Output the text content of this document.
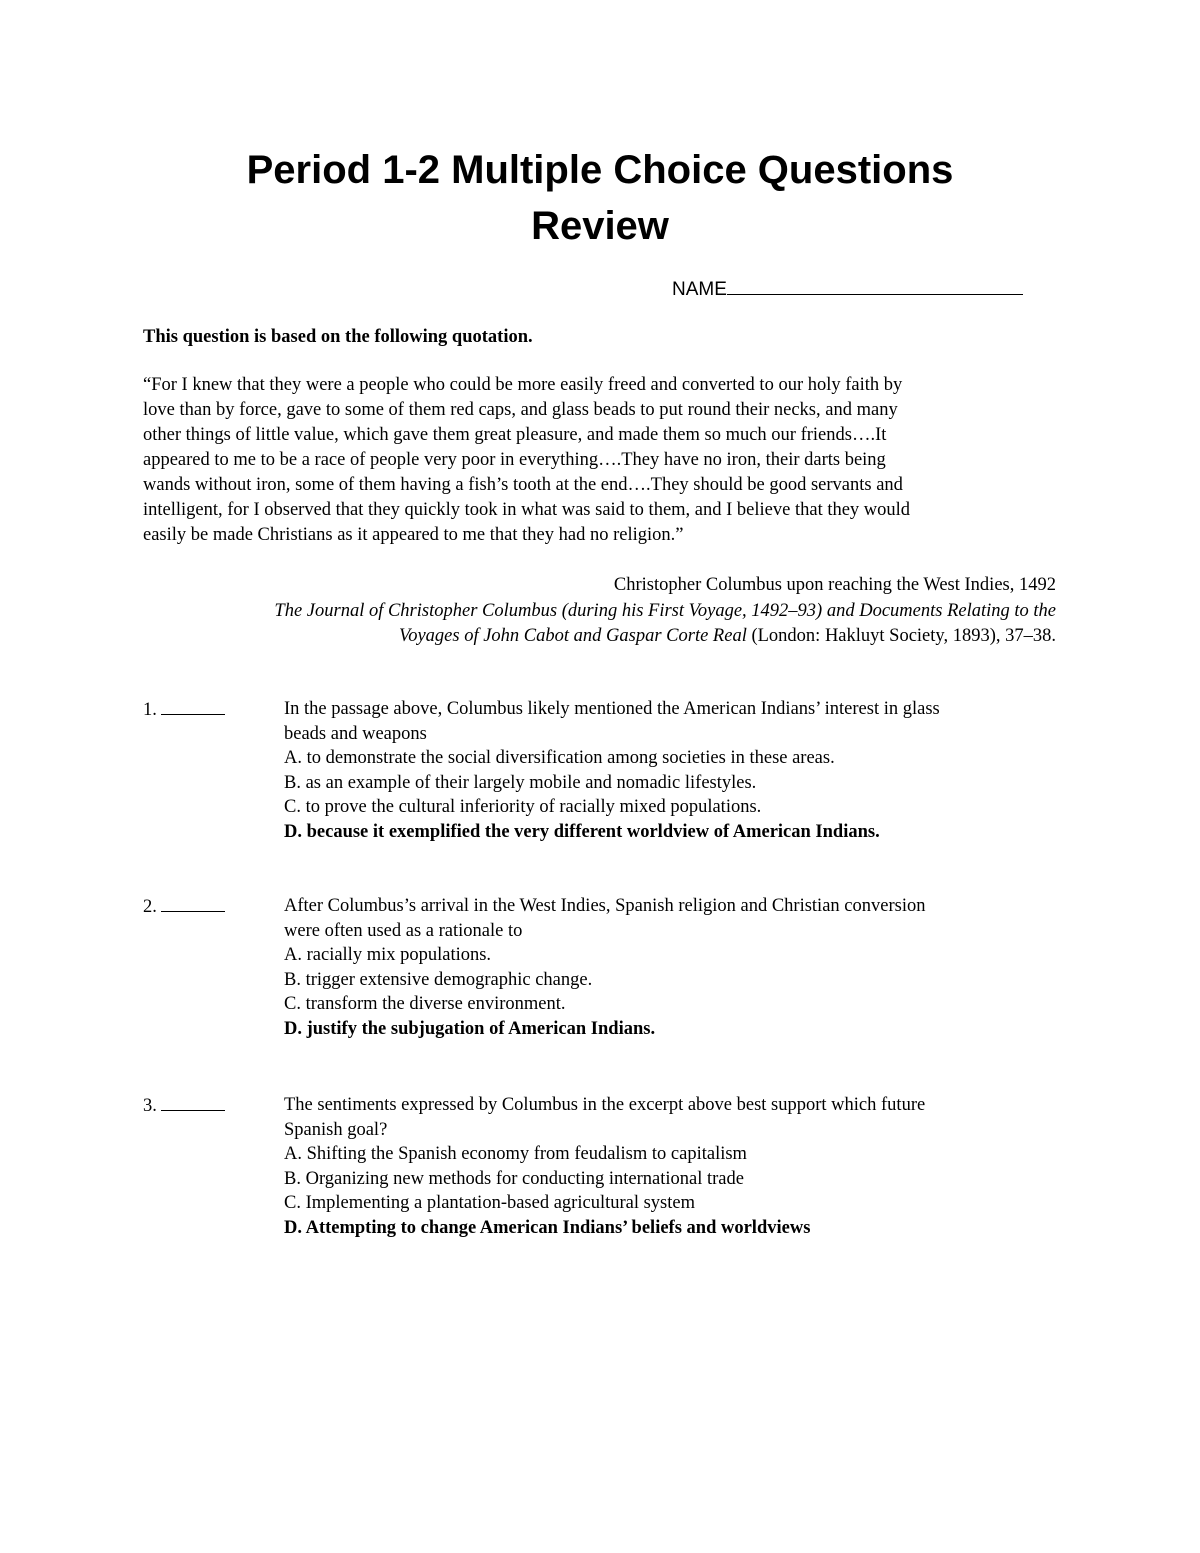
Period 1-2 Multiple Choice Questions
Review
NAME

This question is based on the following quotation.

“For I knew that they were a people who could be more easily freed and converted to our holy faith by
love than by force, gave to some of them red caps, and glass beads to put round their necks, and many
other things of little value, which gave them great pleasure, and made them so much our friends….It
appeared to me to be a race of people very poor in everything….They have no iron, their darts being
wands without iron, some of them having a fish’s tooth at the end….They should be good servants and
intelligent, for I observed that they quickly took in what was said to them, and I believe that they would
easily be made Christians as it appeared to me that they had no religion.”

Christopher Columbus upon reaching the West Indies, 1492
The Journal of Christopher Columbus (during his First Voyage, 1492–93) and Documents Relating to the
Voyages of John Cabot and Gaspar Corte Real (London: Hakluyt Society, 1893), 37–38.

1.	In the passage above, Columbus likely mentioned the American Indians’ interest in glass
beads and weapons
A. to demonstrate the social diversification among societies in these areas.
B. as an example of their largely mobile and nomadic lifestyles.
C. to prove the cultural inferiority of racially mixed populations.
D. because it exemplified the very different worldview of American Indians.
2.	After Columbus’s arrival in the West Indies, Spanish religion and Christian conversion
were often used as a rationale to
A. racially mix populations.
B. trigger extensive demographic change.
C. transform the diverse environment.
D. justify the subjugation of American Indians.
3.	The sentiments expressed by Columbus in the excerpt above best support which future
Spanish goal?
A. Shifting the Spanish economy from feudalism to capitalism
B. Organizing new methods for conducting international trade
C. Implementing a plantation-based agricultural system
D. Attempting to change American Indians’ beliefs and worldviews
